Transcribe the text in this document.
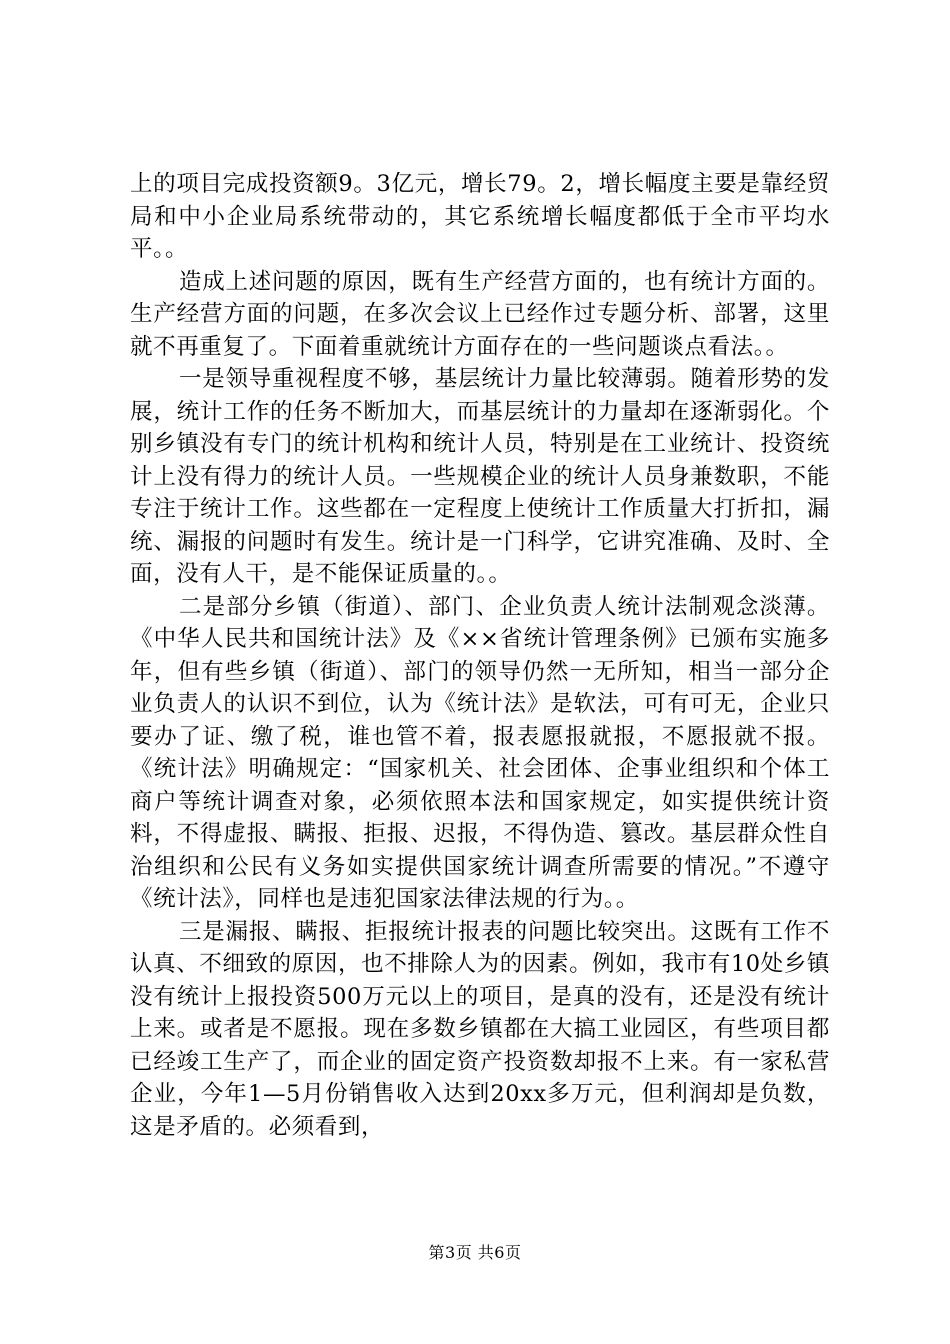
上的项目完成投资额9。3亿元，增长79。2，增长幅度主要是靠经贸局和中小企业局系统带动的，其它系统增长幅度都低于全市平均水平。。

造成上述问题的原因，既有生产经营方面的，也有统计方面的。生产经营方面的问题，在多次会议上已经作过专题分析、部署，这里就不再重复了。下面着重就统计方面存在的一些问题谈点看法。。

一是领导重视程度不够，基层统计力量比较薄弱。随着形势的发展，统计工作的任务不断加大，而基层统计的力量却在逐渐弱化。个别乡镇没有专门的统计机构和统计人员，特别是在工业统计、投资统计上没有得力的统计人员。一些规模企业的统计人员身兼数职，不能专注于统计工作。这些都在一定程度上使统计工作质量大打折扣，漏统、漏报的问题时有发生。统计是一门科学，它讲究准确、及时、全面，没有人干，是不能保证质量的。。

二是部分乡镇（街道）、部门、企业负责人统计法制观念淡薄。《中华人民共和国统计法》及《××省统计管理条例》已颁布实施多年，但有些乡镇（街道）、部门的领导仍然一无所知，相当一部分企业负责人的认识不到位，认为《统计法》是软法，可有可无，企业只要办了证、缴了税，谁也管不着，报表愿报就报，不愿报就不报。《统计法》明确规定：“国家机关、社会团体、企事业组织和个体工商户等统计调查对象，必须依照本法和国家规定，如实提供统计资料，不得虚报、瞒报、拒报、迟报，不得伪造、篡改。基层群众性自治组织和公民有义务如实提供国家统计调查所需要的情况。”不遵守《统计法》，同样也是违犯国家法律法规的行为。。

三是漏报、瞒报、拒报统计报表的问题比较突出。这既有工作不认真、不细致的原因，也不排除人为的因素。例如，我市有10处乡镇没有统计上报投资500万元以上的项目，是真的没有，还是没有统计上来。或者是不愿报。现在多数乡镇都在大搞工业园区，有些项目都已经竣工生产了，而企业的固定资产投资数却报不上来。有一家私营企业，今年1—5月份销售收入达到20xx多万元，但利润却是负数，这是矛盾的。必须看到，

第3页 共6页
